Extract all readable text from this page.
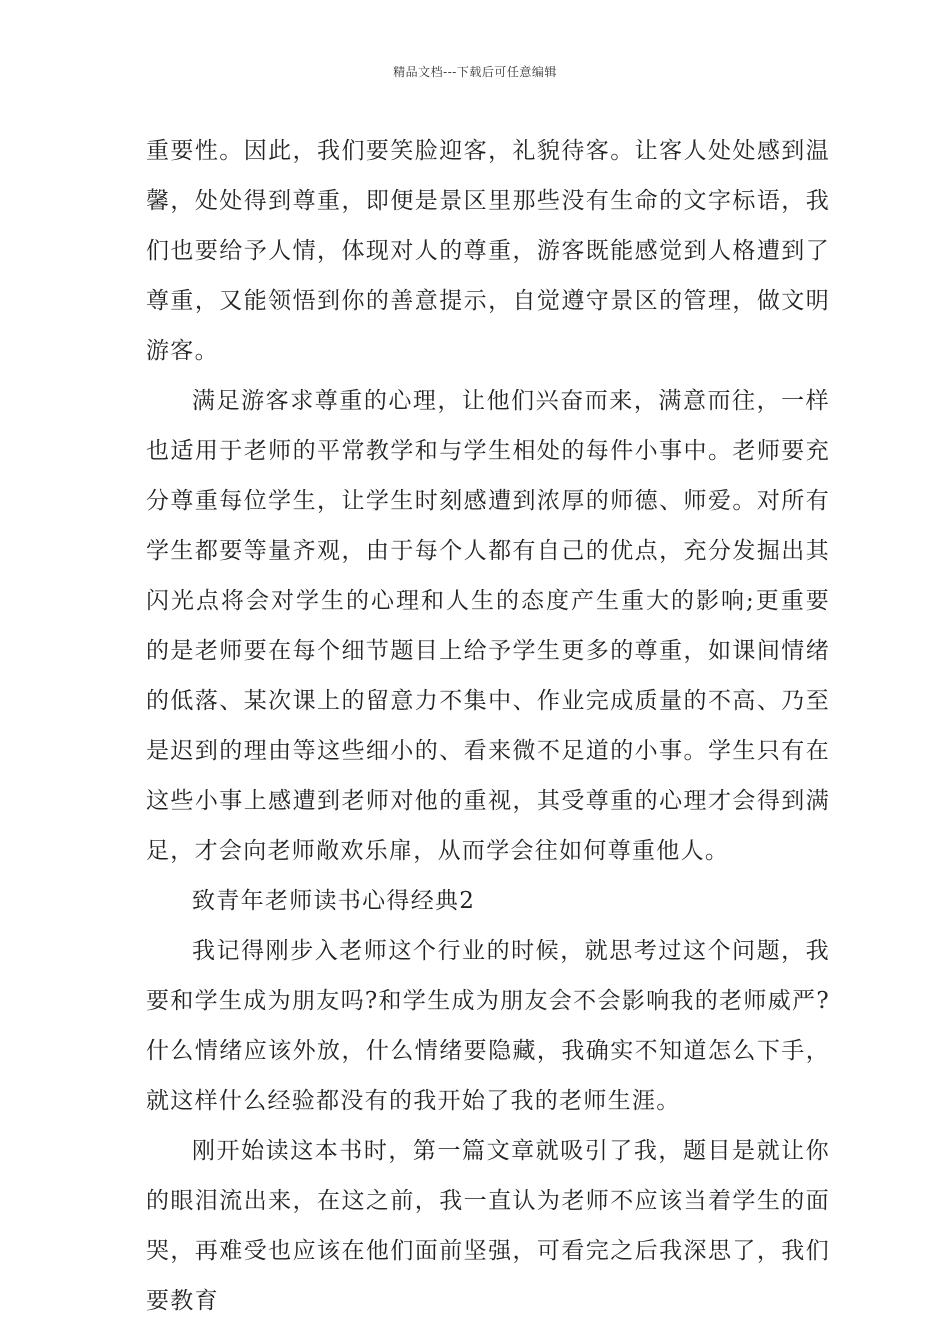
精品文档---下载后可任意编辑

重要性。因此，我们要笑脸迎客，礼貌待客。让客人处处感到温馨，处处得到尊重，即便是景区里那些没有生命的文字标语，我们也要给予人情，体现对人的尊重，游客既能感觉到人格遭到了尊重，又能领悟到你的善意提示，自觉遵守景区的管理，做文明游客。

满足游客求尊重的心理，让他们兴奋而来，满意而往，一样也适用于老师的平常教学和与学生相处的每件小事中。老师要充分尊重每位学生，让学生时刻感遭到浓厚的师德、师爱。对所有学生都要等量齐观，由于每个人都有自己的优点，充分发掘出其闪光点将会对学生的心理和人生的态度产生重大的影响;更重要的是老师要在每个细节题目上给予学生更多的尊重，如课间情绪的低落、某次课上的留意力不集中、作业完成质量的不高、乃至是迟到的理由等这些细小的、看来微不足道的小事。学生只有在这些小事上感遭到老师对他的重视，其受尊重的心理才会得到满足，才会向老师敞欢乐扉，从而学会往如何尊重他人。

致青年老师读书心得经典2

我记得刚步入老师这个行业的时候，就思考过这个问题，我要和学生成为朋友吗?和学生成为朋友会不会影响我的老师威严?什么情绪应该外放，什么情绪要隐藏，我确实不知道怎么下手，就这样什么经验都没有的我开始了我的老师生涯。

刚开始读这本书时，第一篇文章就吸引了我，题目是就让你的眼泪流出来，在这之前，我一直认为老师不应该当着学生的面哭，再难受也应该在他们面前坚强，可看完之后我深思了，我们要教育
